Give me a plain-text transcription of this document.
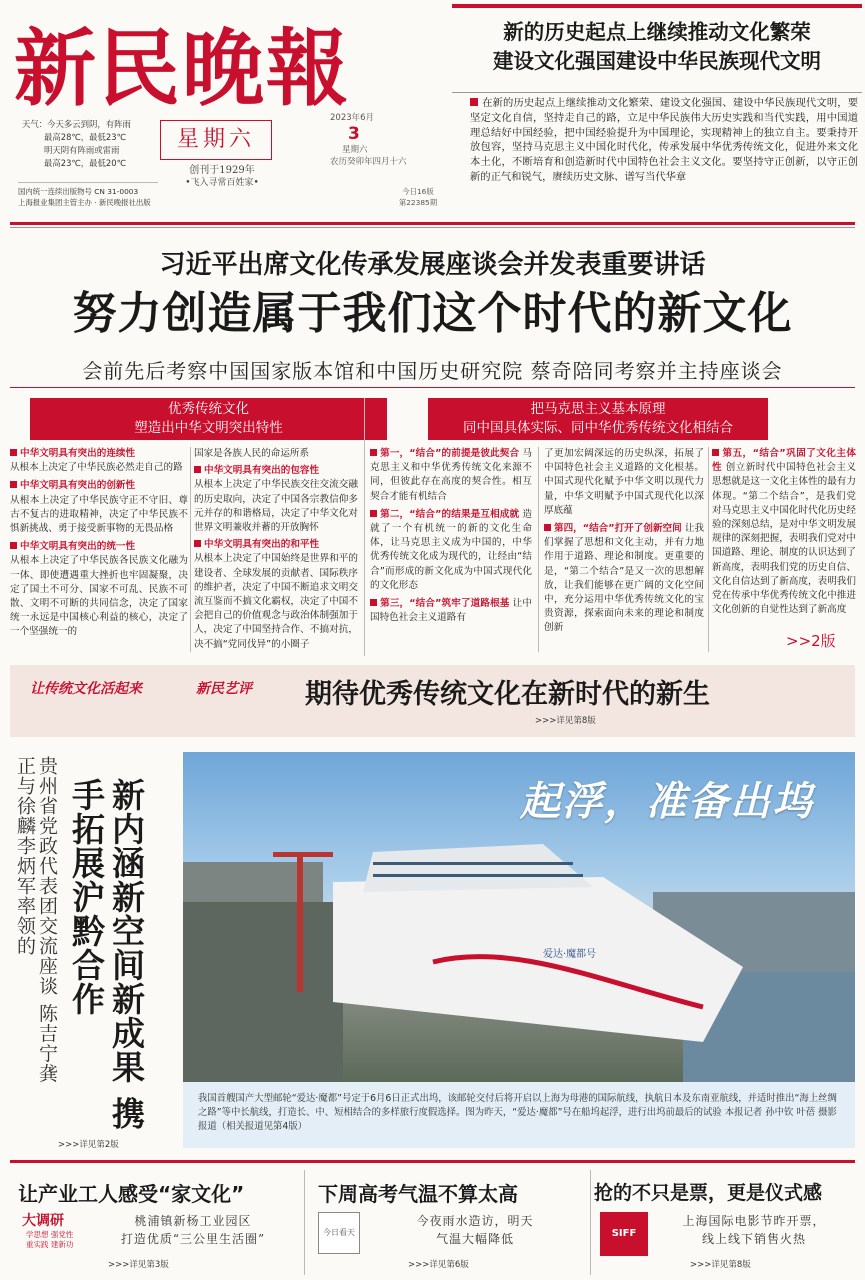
新民晚報	新的历史起点上继续推动文化繁荣
建设文化强国建设中华民族现代文明
在新的历史起点上继续推动文化繁荣、建设文化强国、建设中华民族现代文明，要坚定文化自信，坚持走自己的路，立足中华民族伟大历史实践和当代实践，用中国道理总结好中国经验，把中国经验提升为中国理论，实现精神上的独立自主。要秉持开放包容，坚持马克思主义中国化时代化，传承发展中华优秀传统文化，促进外来文化本土化，不断培育和创造新时代中国特色社会主义文化。要坚持守正创新，以守正创新的正气和锐气，赓续历史文脉、谱写当代华章
天气：今天多云到阴，有阵雨
最高28℃，最低23℃
明天阴有阵雨或雷雨
最高23℃，最低20℃
国内统一连续出版物号 CN 31-0003
上海报业集团主管主办 · 新民晚报社出版
星期六
创刊于1929年
•飞入寻常百姓家•
2023年6月
3
星期六
农历癸卯年四月十六
今日16版
第22385期
习近平出席文化传承发展座谈会并发表重要讲话
努力创造属于我们这个时代的新文化
会前先后考察中国国家版本馆和中国历史研究院 蔡奇陪同考察并主持座谈会
优秀传统文化
塑造出中华文明突出特性
中华文明具有突出的连续性
从根本上决定了中华民族必然走自己的路
中华文明具有突出的创新性
从根本上决定了中华民族守正不守旧、尊古不复古的进取精神，决定了中华民族不惧新挑战、勇于接受新事物的无畏品格
中华文明具有突出的统一性
从根本上决定了中华民族各民族文化融为一体、即使遭遇重大挫折也牢固凝聚，决定了国土不可分、国家不可乱、民族不可散、文明不可断的共同信念，决定了国家统一永远是中国核心利益的核心，决定了一个坚强统一的
国家是各族人民的命运所系
中华文明具有突出的包容性
从根本上决定了中华民族交往交流交融的历史取向，决定了中国各宗教信仰多元并存的和谐格局，决定了中华文化对世界文明兼收并蓄的开放胸怀
中华文明具有突出的和平性
从根本上决定了中国始终是世界和平的建设者、全球发展的贡献者、国际秩序的维护者，决定了中国不断追求文明交流互鉴而不搞文化霸权，决定了中国不会把自己的价值观念与政治体制强加于人，决定了中国坚持合作、不搞对抗，决不搞“党同伐异”的小圈子
把马克思主义基本原理
同中国具体实际、同中华优秀传统文化相结合
第一，“结合”的前提是彼此契合 马克思主义和中华优秀传统文化来源不同，但彼此存在高度的契合性。相互契合才能有机结合
第二，“结合”的结果是互相成就 造就了一个有机统一的新的文化生命体，让马克思主义成为中国的，中华优秀传统文化成为现代的，让经由“结合”而形成的新文化成为中国式现代化的文化形态
第三，“结合”筑牢了道路根基 让中国特色社会主义道路有
了更加宏阔深远的历史纵深，拓展了中国特色社会主义道路的文化根基。中国式现代化赋予中华文明以现代力量，中华文明赋予中国式现代化以深厚底蕴
第四，“结合”打开了创新空间 让我们掌握了思想和文化主动，并有力地作用于道路、理论和制度。更重要的是，“第二个结合”是又一次的思想解放，让我们能够在更广阔的文化空间中，充分运用中华优秀传统文化的宝贵资源，探索面向未来的理论和制度创新
第五，“结合”巩固了文化主体性 创立新时代中国特色社会主义思想就是这一文化主体性的最有力体现。“第二个结合”，是我们党对马克思主义中国化时代化历史经验的深刻总结，是对中华文明发展规律的深刻把握，表明我们党对中国道路、理论、制度的认识达到了新高度，表明我们党的历史自信、文化自信达到了新高度，表明我们党在传承中华优秀传统文化中推进文化创新的自觉性达到了新高度
>>2版
让传统文化活起来	新民艺评 期待优秀传统文化在新时代的新生
>>>详见第8版
贵州省党政代表团交流座谈 陈吉宁龚正与徐麟李炳军率领的	新内涵新空间新成果 携手拓展沪黔合作
>>>详见第2版
爱达·魔都号
起浮，准备出坞
我国首艘国产大型邮轮“爱达·魔都”号定于6月6日正式出坞，该邮轮交付后将开启以上海为母港的国际航线，执航日本及东南亚航线，并适时推出“海上丝绸之路”等中长航线，打造长、中、短相结合的多样旅行度假选择。图为昨天，“爱达·魔都”号在船坞起浮，进行出坞前最后的试验 本报记者 孙中钦 叶蓓 摄影报道（相关报道见第4版）
让产业工人感受“家文化”
大调研
学思想 强党性
重实践 建新功
桃浦镇新杨工业园区
打造优质“三公里生活圈”
>>>详见第3版
下周高考气温不算太高
今日看天
今夜雨水造访，明天
气温大幅降低
>>>详见第6版
抢的不只是票，更是仪式感
SIFF
上海国际电影节昨开票，
线上线下销售火热
>>>详见第8版
